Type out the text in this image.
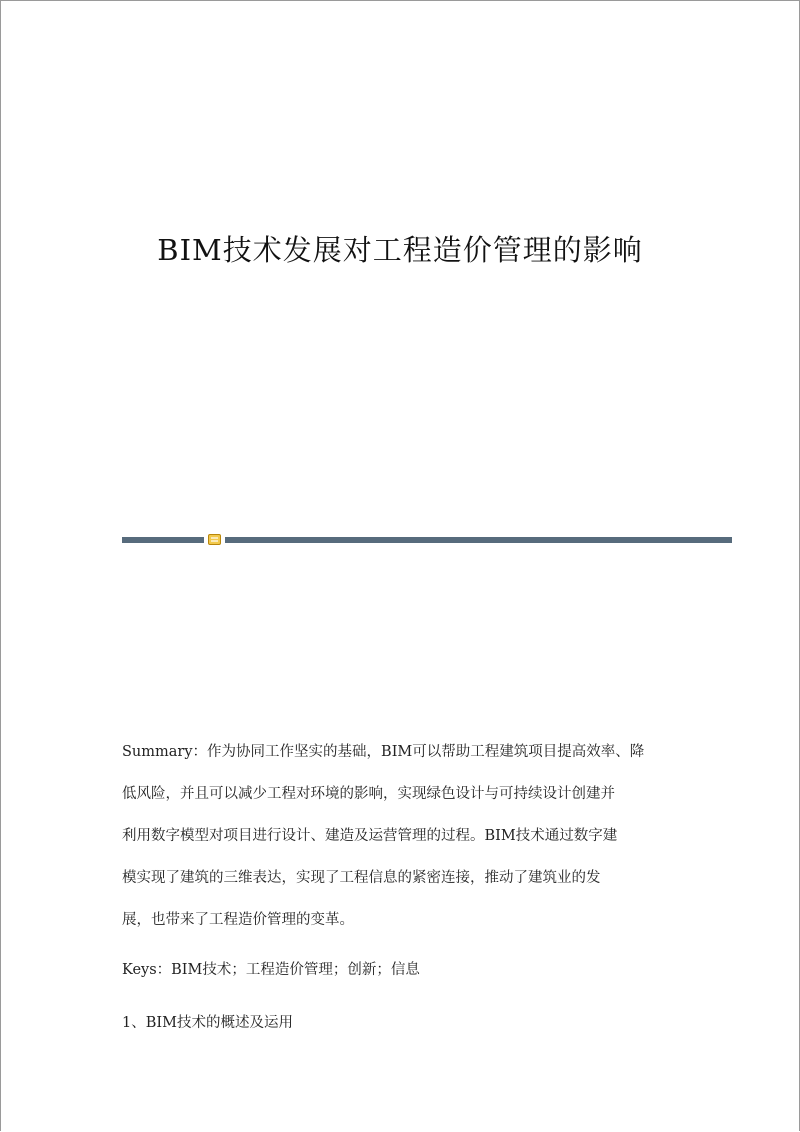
BIM技术发展对工程造价管理的影响
Summary：作为协同工作坚实的基础，BIM可以帮助工程建筑项目提高效率、降
低风险，并且可以减少工程对环境的影响，实现绿色设计与可持续设计创建并
利用数字模型对项目进行设计、建造及运营管理的过程。BIM技术通过数字建
模实现了建筑的三维表达，实现了工程信息的紧密连接，推动了建筑业的发
展，也带来了工程造价管理的变革。
Keys：BIM技术；工程造价管理；创新；信息
1、BIM技术的概述及运用
